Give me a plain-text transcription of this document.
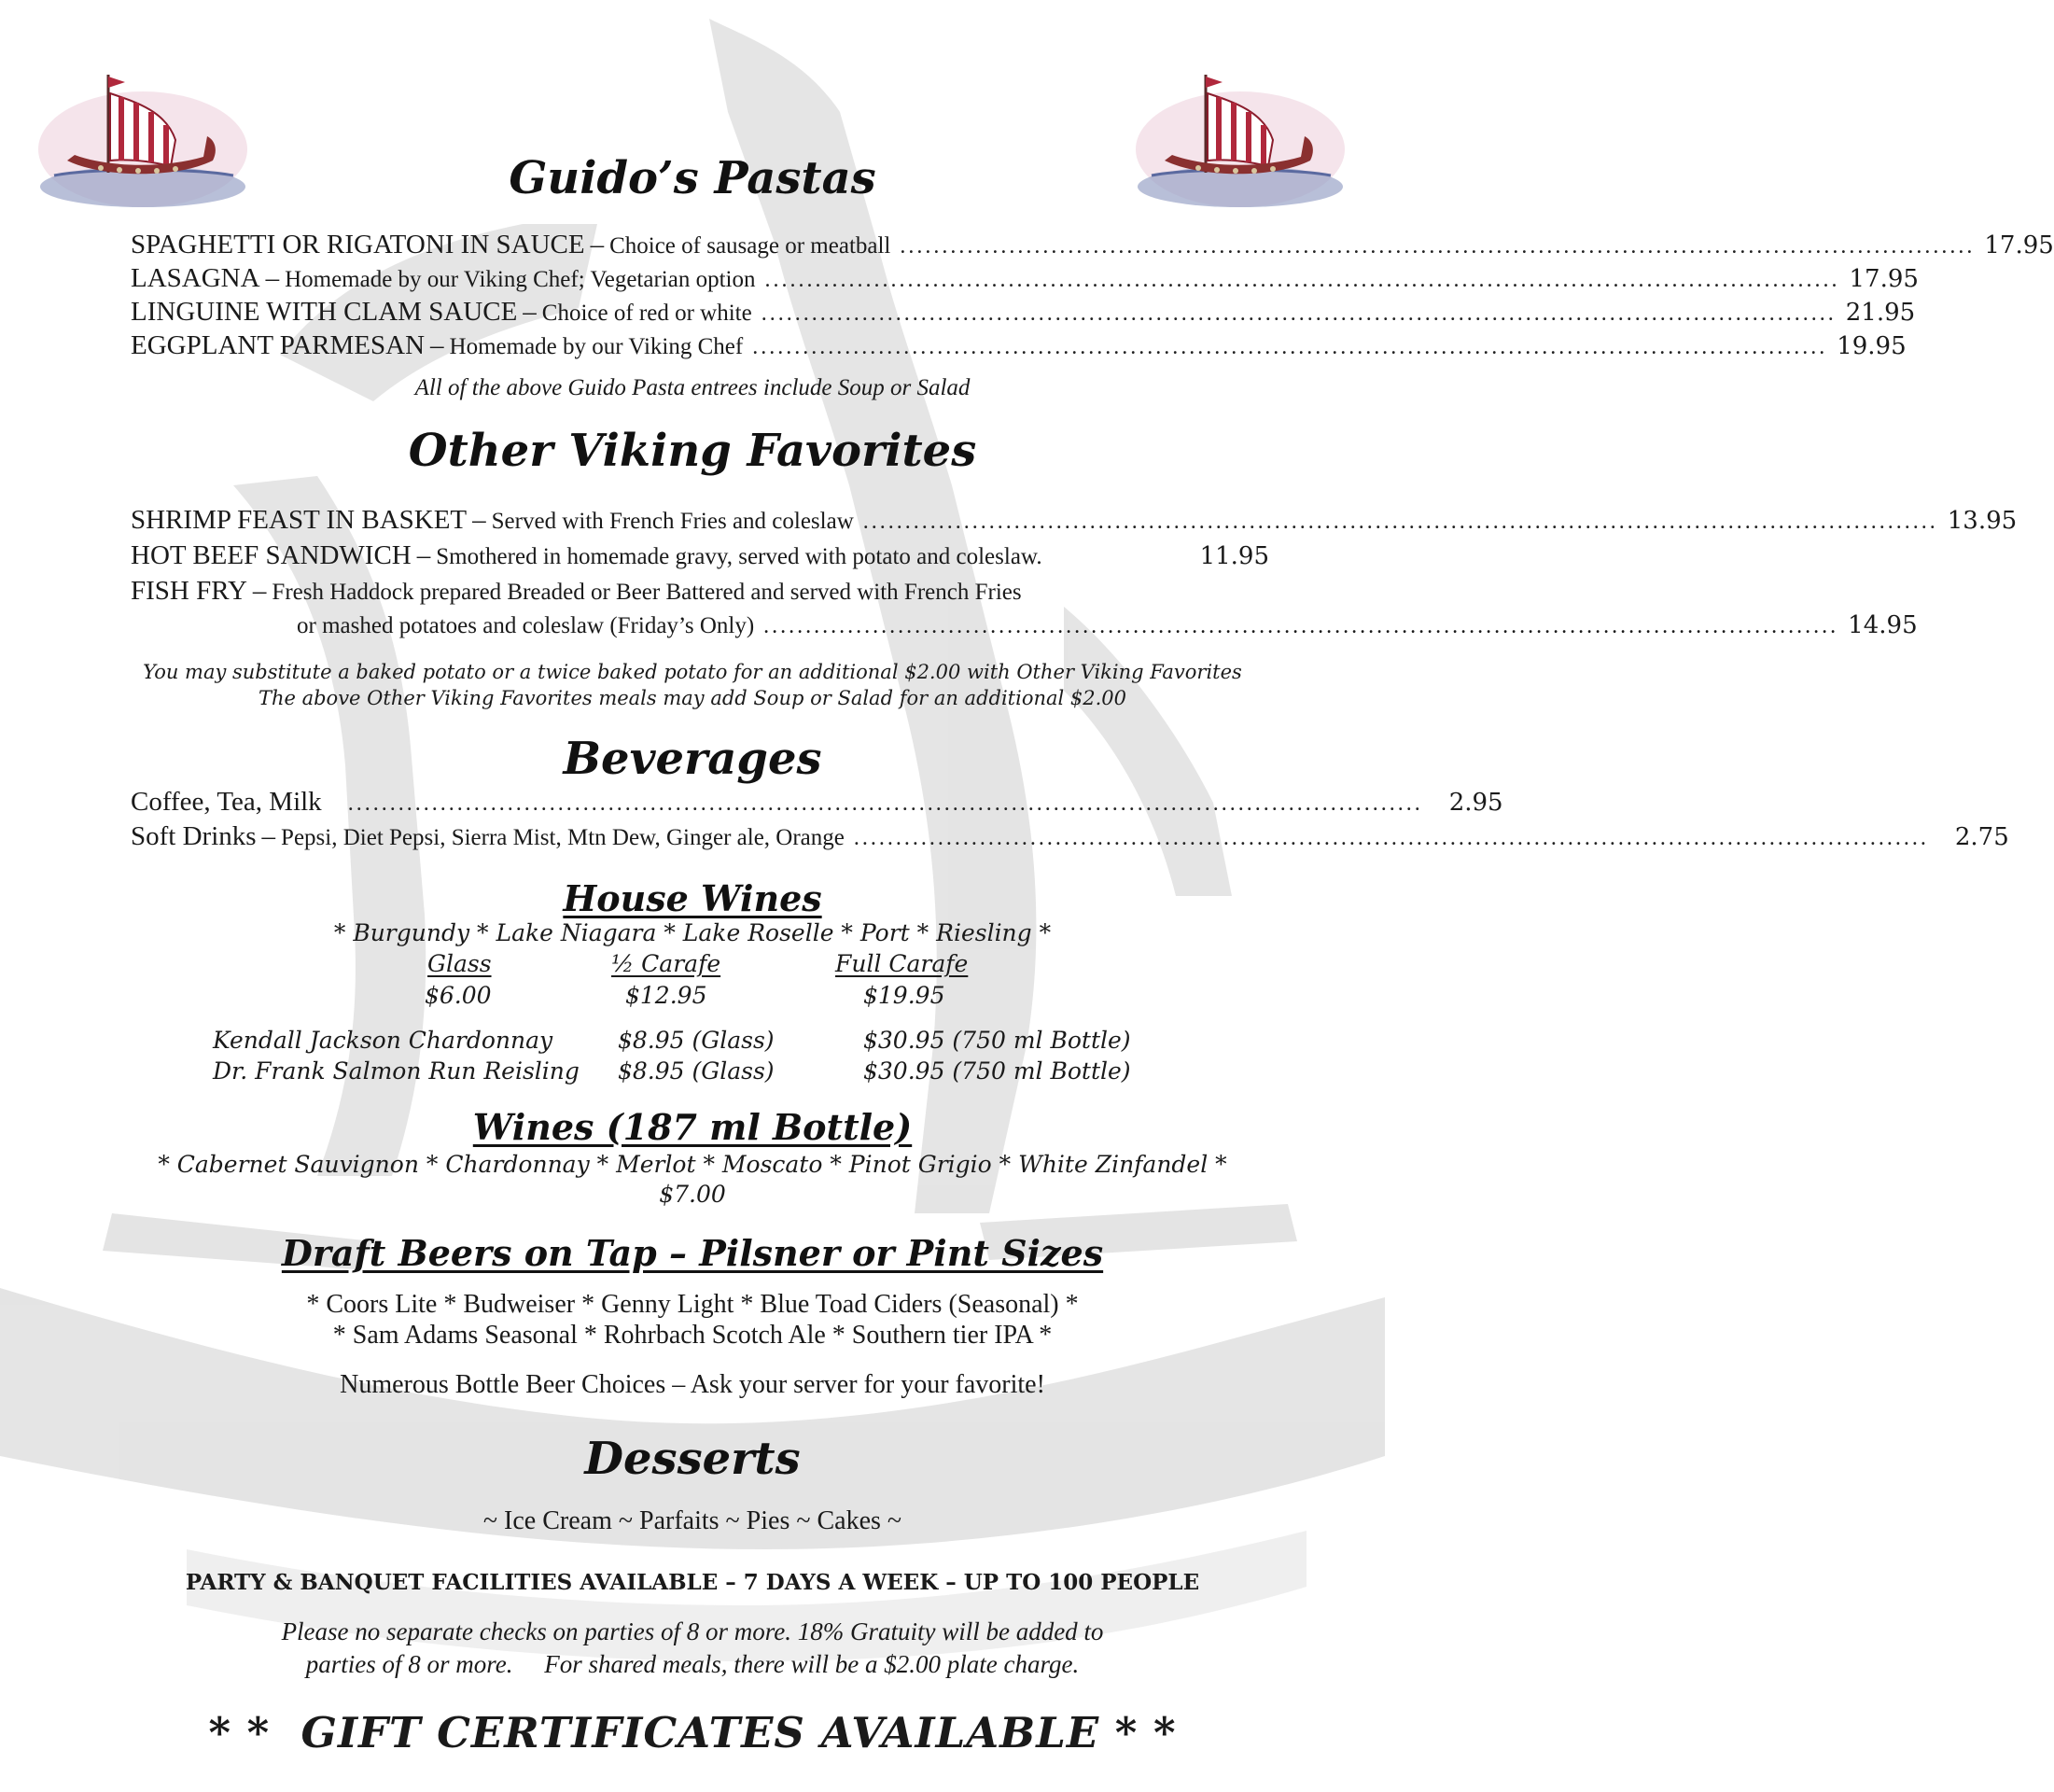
Guido’s Pastas
SPAGHETTI OR RIGATONI IN SAUCE – Choice of sausage or meatball ................................................................................................................................ 17.95
LASAGNA – Homemade by our Viking Chef; Vegetarian option ................................................................................................................................ 17.95
LINGUINE WITH CLAM SAUCE – Choice of red or white ................................................................................................................................ 21.95
EGGPLANT PARMESAN – Homemade by our Viking Chef ................................................................................................................................ 19.95
All of the above Guido Pasta entrees include Soup or Salad
Other Viking Favorites
SHRIMP FEAST IN BASKET – Served with French Fries and coleslaw ................................................................................................................................ 13.95
HOT BEEF SANDWICH – Smothered in homemade gravy, served with potato and coleslaw.	11.95
FISH FRY – Fresh Haddock prepared Breaded or Beer Battered and served with French Fries
or mashed potatoes and coleslaw (Friday’s Only) ................................................................................................................................ 14.95
You may substitute a baked potato or a twice baked potato for an additional $2.00 with Other Viking Favorites
The above Other Viking Favorites meals may add Soup or Salad for an additional $2.00
Beverages
Coffee, Tea, Milk ................................................................................................................................ 2.95
Soft Drinks – Pepsi, Diet Pepsi, Sierra Mist, Mtn Dew, Ginger ale, Orange ................................................................................................................................ 2.75
House Wines
* Burgundy * Lake Niagara * Lake Roselle * Port * Riesling *
Glass	½ Carafe	Full Carafe
$6.00	$12.95	$19.95
Kendall Jackson Chardonnay	$8.95 (Glass)	$30.95 (750 ml Bottle)
Dr. Frank Salmon Run Reisling $8.95 (Glass)	$30.95 (750 ml Bottle)
Wines (187 ml Bottle)
* Cabernet Sauvignon * Chardonnay * Merlot * Moscato * Pinot Grigio * White Zinfandel *
$7.00
Draft Beers on Tap – Pilsner or Pint Sizes
* Coors Lite * Budweiser * Genny Light * Blue Toad Ciders (Seasonal) *
* Sam Adams Seasonal * Rohrbach Scotch Ale * Southern tier IPA *
Numerous Bottle Beer Choices – Ask your server for your favorite!
Desserts
~ Ice Cream ~ Parfaits ~ Pies ~ Cakes ~
PARTY & BANQUET FACILITIES AVAILABLE – 7 DAYS A WEEK – UP TO 100 PEOPLE
Please no separate checks on parties of 8 or more. 18% Gratuity will be added to
parties of 8 or more.     For shared meals, there will be a $2.00 plate charge.
* *  GIFT CERTIFICATES AVAILABLE * *
